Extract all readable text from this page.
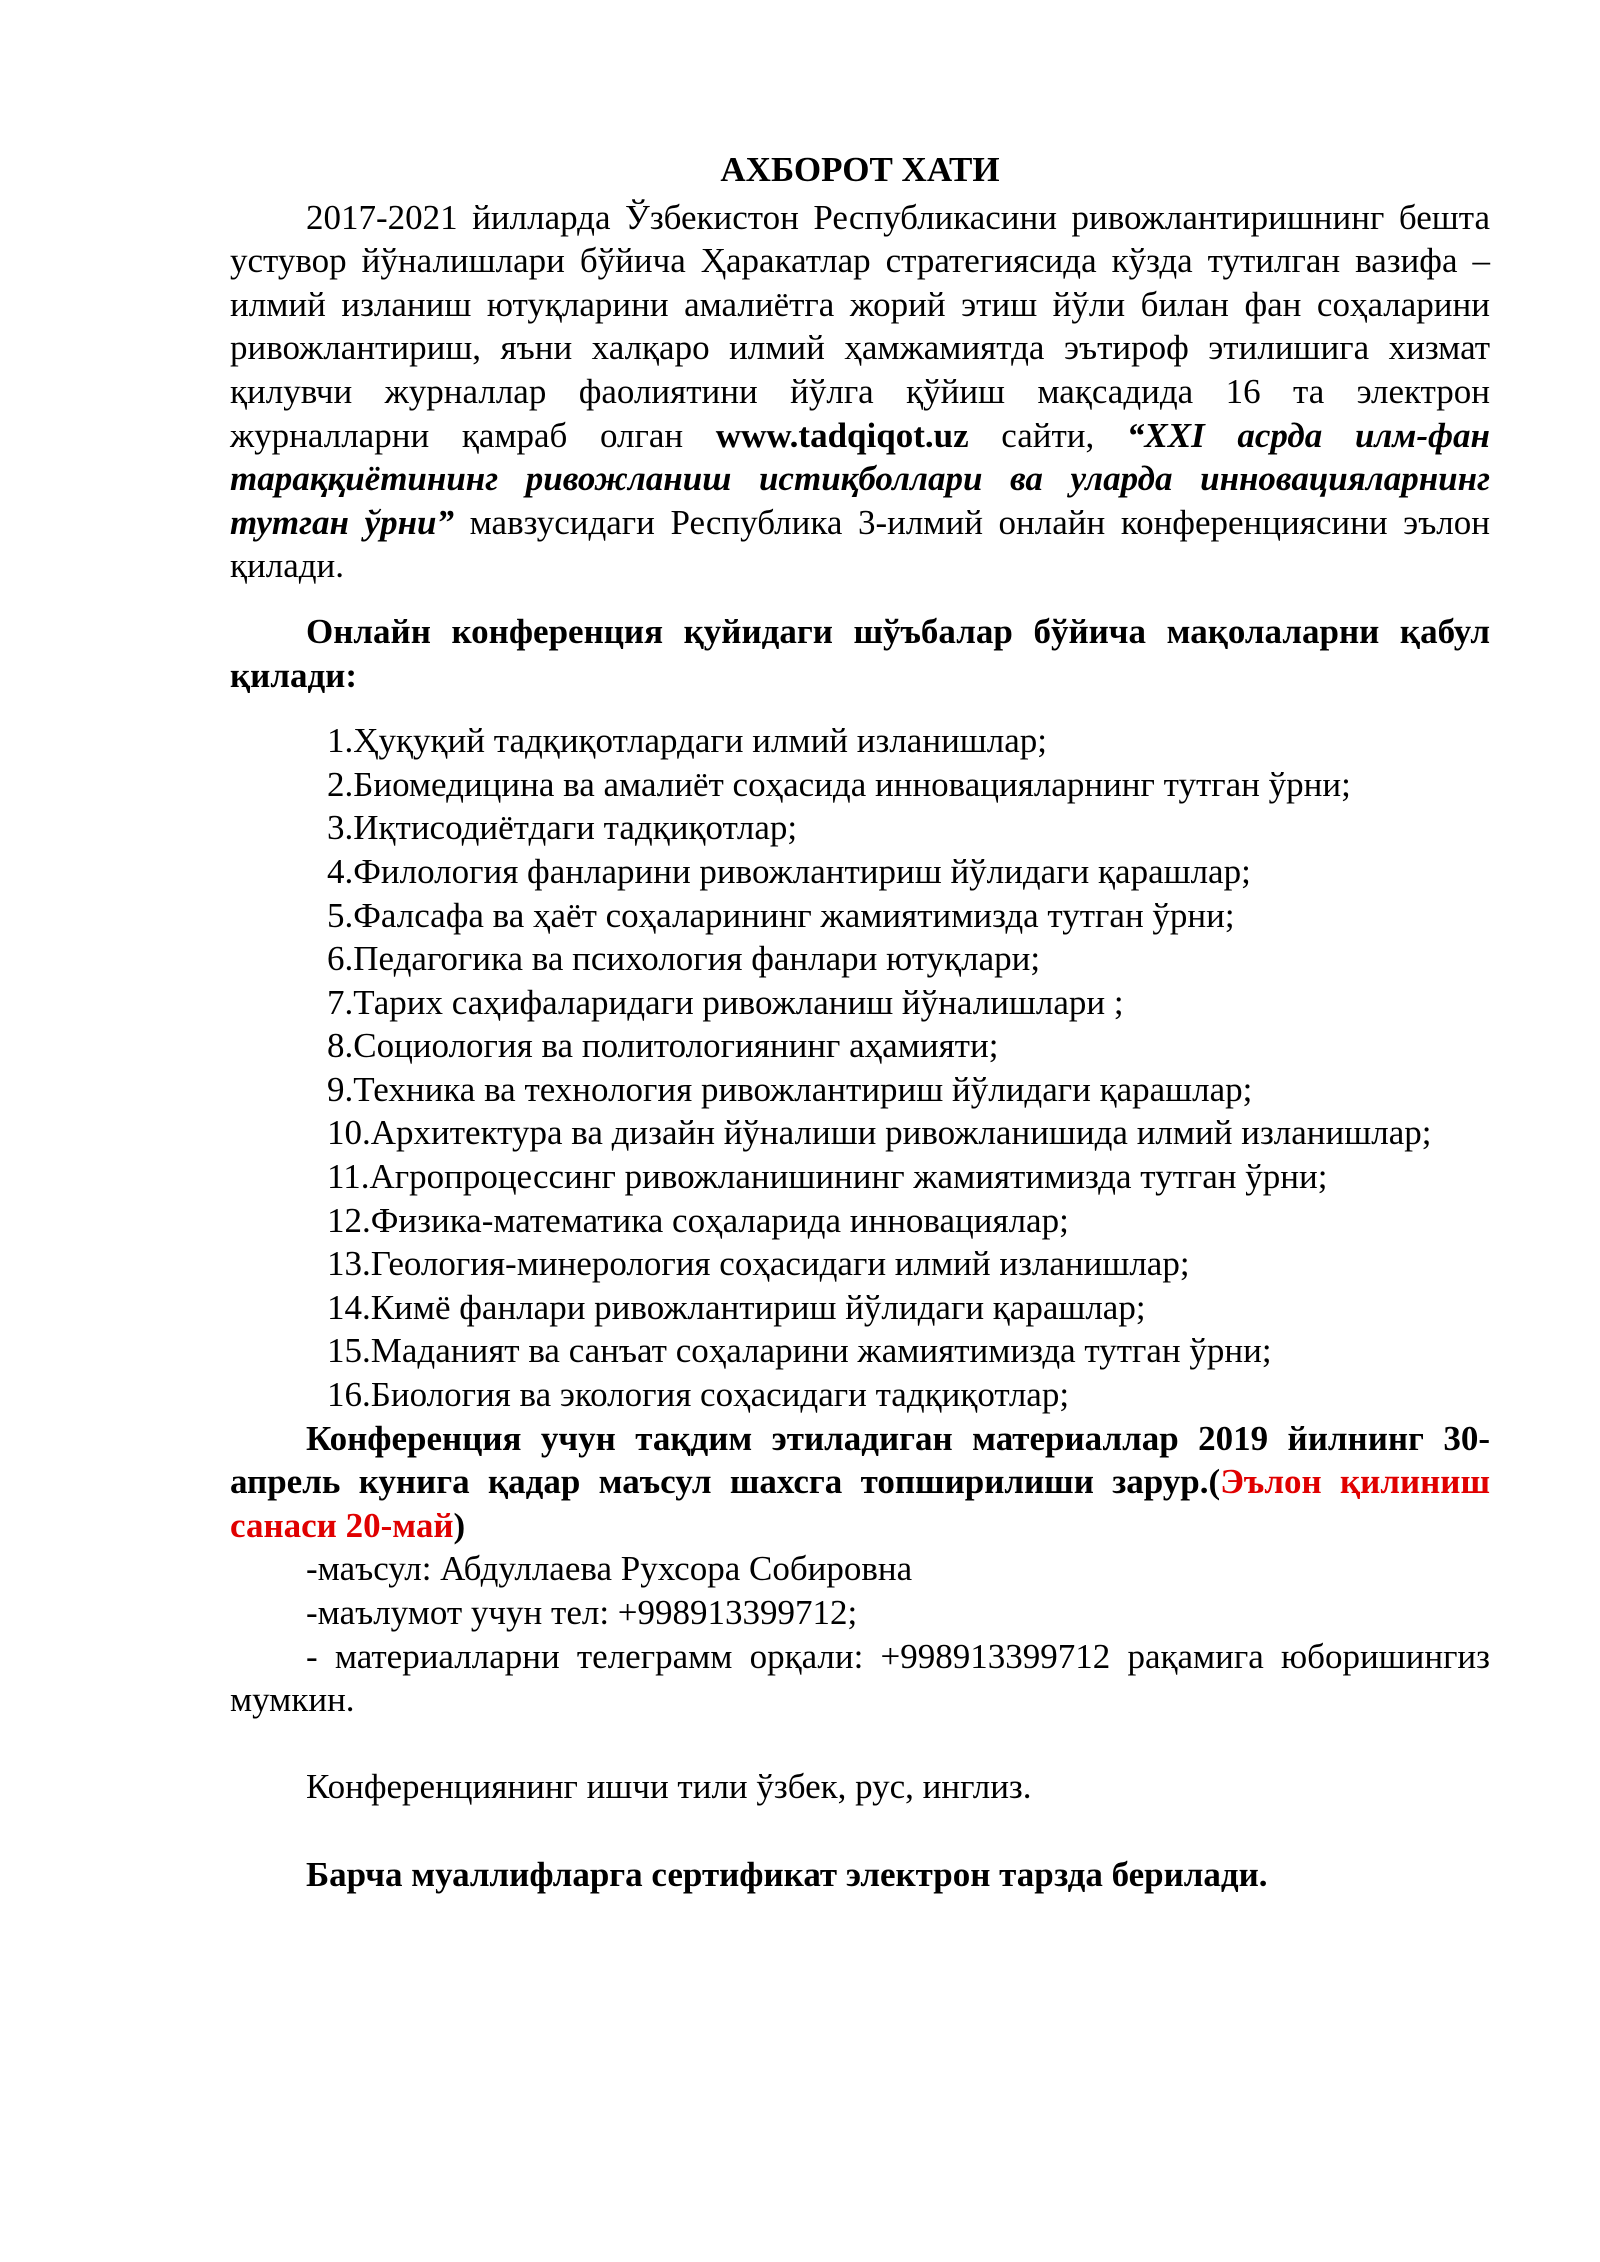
АХБОРОТ ХАТИ

2017-2021 йилларда Ўзбекистон Республикасини ривожлантиришнинг бешта устувор йўналишлари бўйича Ҳаракатлар стратегиясида кўзда тутилган вазифа – илмий изланиш ютуқларини амалиётга жорий этиш йўли билан фан соҳаларини ривожлантириш, яъни халқаро илмий ҳамжамиятда эътироф этилишига хизмат қилувчи журналлар фаолиятини йўлга қўйиш мақсадида 16 та электрон журналларни қамраб олган www.tadqiqot.uz сайти, “XXI асрда илм-фан тараққиётининг ривожланиш истиқболлари ва уларда инновацияларнинг тутган ўрни” мавзусидаги Республика 3-илмий онлайн конференциясини эълон қилади.

Онлайн конференция қуйидаги шўъбалар бўйича мақолаларни қабул қилади:

1.Ҳуқуқий тадқиқотлардаги илмий изланишлар;
2.Биомедицина ва амалиёт соҳасида инновацияларнинг тутган ўрни;
3.Иқтисодиётдаги тадқиқотлар;
4.Филология фанларини ривожлантириш йўлидаги қарашлар;
5.Фалсафа ва ҳаёт соҳаларининг жамиятимизда тутган ўрни;
6.Педагогика ва психология фанлари ютуқлари;
7.Тарих саҳифаларидаги ривожланиш йўналишлари ;
8.Социология ва политологиянинг аҳамияти;
9.Техника ва технология ривожлантириш йўлидаги қарашлар;
10.Архитектура ва дизайн йўналиши ривожланишида илмий изланишлар;
11.Агропроцессинг ривожланишининг жамиятимизда тутган ўрни;
12.Физика-математика соҳаларида инновациялар;
13.Геология-минерология соҳасидаги илмий изланишлар;
14.Кимё фанлари ривожлантириш йўлидаги қарашлар;
15.Маданият ва санъат соҳаларини жамиятимизда тутган ўрни;
16.Биология ва экология соҳасидаги тадқиқотлар;

Конференция учун тақдим этиладиган материаллар 2019 йилнинг 30-апрель кунига қадар маъсул шахсга топширилиши зарур.(Эълон қилиниш санаси 20-май)

-маъсул: Абдуллаева Рухсора Собировна

-маълумот учун тел: +998913399712;

- материалларни телеграмм орқали: +998913399712 рақамига юборишингиз мумкин.

Конференциянинг ишчи тили ўзбек, рус, инглиз.

Барча муаллифларга сертификат электрон тарзда берилади.
